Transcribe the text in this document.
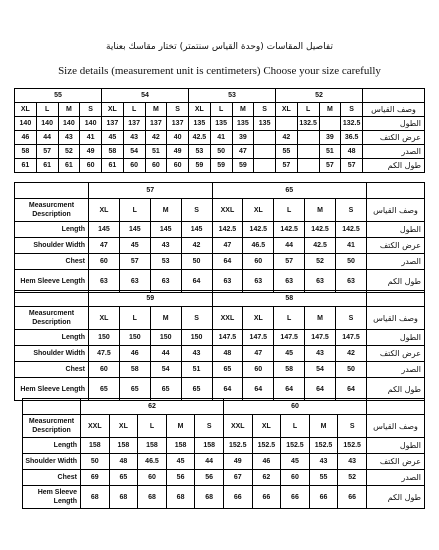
تفاصيل المقاسات (وحدة القياس سنتمتر) تختار مقاسك بعناية
Size details (measurement unit is centimeters) Choose your size carefully
55				54				53				52				
XL	L	M	S	XL	L	M	S	XL	L	M	S	XL	L	M	S	وصف القياس
140	140	140	140	137	137	137	137	135	135	135	135		132.5		132.5	الطول
46	44	43	41	45	43	42	40	42.5	41	39		42		39	36.5	عرض الكتف
58	57	52	49	58	54	51	49	53	50	47		55		51	48	الصدر
61	61	61	60	61	60	60	60	59	59	59		57		57	57	طول الكم
	57				65					
Measurcment Description	XL	L	M	S	XXL	XL	L	M	S	وصف القياس
Length	145	145	145	145	142.5	142.5	142.5	142.5	142.5	الطول
Shoulder Width	47	45	43	42	47	46.5	44	42.5	41	عرض الكتف
Chest	60	57	53	50	64	60	57	52	50	الصدر
Hem Sleeve Length	63	63	63	64	63	63	63	63	63	طول الكم
	59				58					
Measurcment Description	XL	L	M	S	XXL	XL	L	M	S	وصف القياس
Length	150	150	150	150	147.5	147.5	147.5	147.5	147.5	الطول
Shoulder Width	47.5	46	44	43	48	47	45	43	42	عرض الكتف
Chest	60	58	54	51	65	60	58	54	50	الصدر
Hem Sleeve Length	65	65	65	65	64	64	64	64	64	طول الكم
	62					60					
Measurcment Description	XXL	XL	L	M	S	XXL	XL	L	M	S	وصف القياس
Length	158	158	158	158	158	152.5	152.5	152.5	152.5	152.5	الطول
Shoulder Width	50	48	46.5	45	44	49	46	45	43	43	عرض الكتف
Chest	69	65	60	56	56	67	62	60	55	52	الصدر
Hem Sleeve Length	68	68	68	68	68	66	66	66	66	66	طول الكم
